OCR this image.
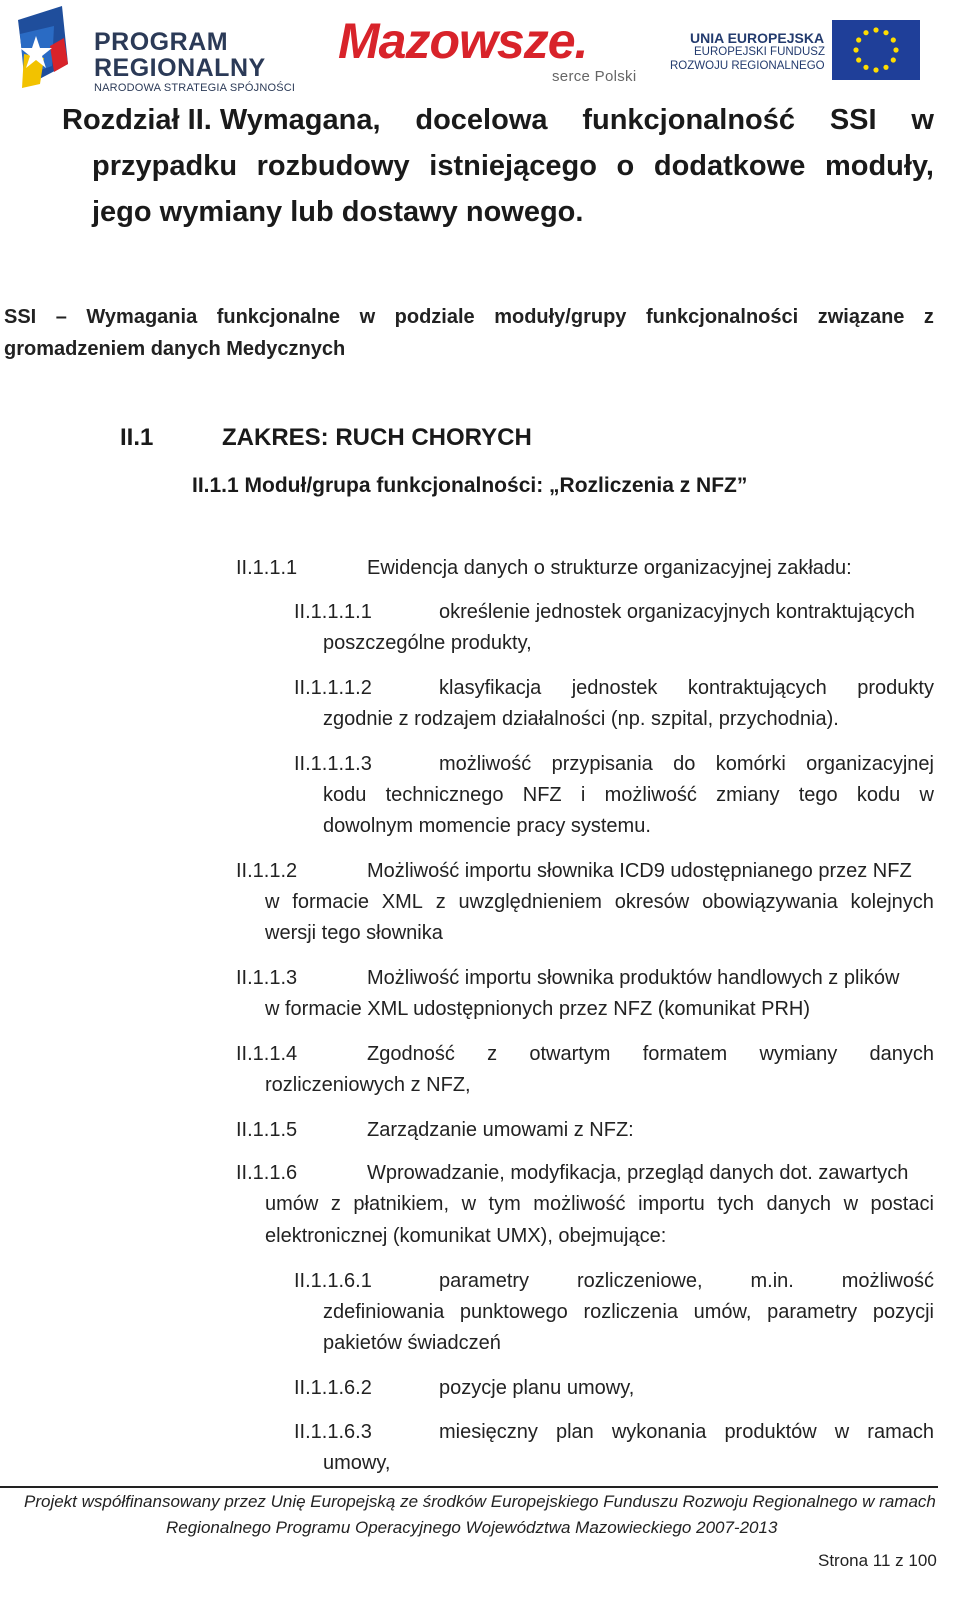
PROGRAM
REGIONALNY
NARODOWA STRATEGIA SPÓJNOŚCI
Mazowsze.
serce Polski
UNIA EUROPEJSKA
EUROPEJSKI FUNDUSZ
ROZWOJU REGIONALNEGO
Rozdział II. Wymagana, docelowa funkcjonalność SSI w
przypadku rozbudowy istniejącego o dodatkowe moduły,
jego wymiany lub dostawy nowego.
SSI – Wymagania funkcjonalne w podziale moduły/grupy funkcjonalności związane z
gromadzeniem danych Medycznych
II.1	ZAKRES: RUCH CHORYCH
II.1.1 Moduł/grupa funkcjonalności: „Rozliczenia z NFZ”
II.1.1.1	Ewidencja danych o strukturze organizacyjnej zakładu:
II.1.1.1.1	określenie jednostek organizacyjnych kontraktujących
poszczególne produkty,
II.1.1.1.2	klasyfikacja jednostek kontraktujących produkty
zgodnie z rodzajem działalności (np. szpital, przychodnia).
II.1.1.1.3	możliwość przypisania do komórki organizacyjnej
kodu technicznego NFZ i możliwość zmiany tego kodu w
dowolnym momencie pracy systemu.
II.1.1.2	Możliwość importu słownika ICD9 udostępnianego przez NFZ
w formacie XML z uwzględnieniem okresów obowiązywania kolejnych
wersji tego słownika
II.1.1.3	Możliwość importu słownika produktów handlowych z plików
w formacie XML udostępnionych przez NFZ (komunikat PRH)
II.1.1.4	Zgodność z otwartym formatem wymiany danych
rozliczeniowych z NFZ,
II.1.1.5	Zarządzanie umowami z NFZ:
II.1.1.6	Wprowadzanie, modyfikacja, przegląd danych dot. zawartych
umów z płatnikiem, w tym możliwość importu tych danych w postaci
elektronicznej (komunikat UMX), obejmujące:
II.1.1.6.1	parametry rozliczeniowe, m.in. możliwość
zdefiniowania punktowego rozliczenia umów, parametry pozycji
pakietów świadczeń
II.1.1.6.2	pozycje planu umowy,
II.1.1.6.3	miesięczny plan wykonania produktów w ramach
umowy,
Projekt współfinansowany przez Unię Europejską ze środków Europejskiego Funduszu Rozwoju Regionalnego w ramach
Regionalnego Programu Operacyjnego Województwa Mazowieckiego 2007-2013
Strona 11 z 100
